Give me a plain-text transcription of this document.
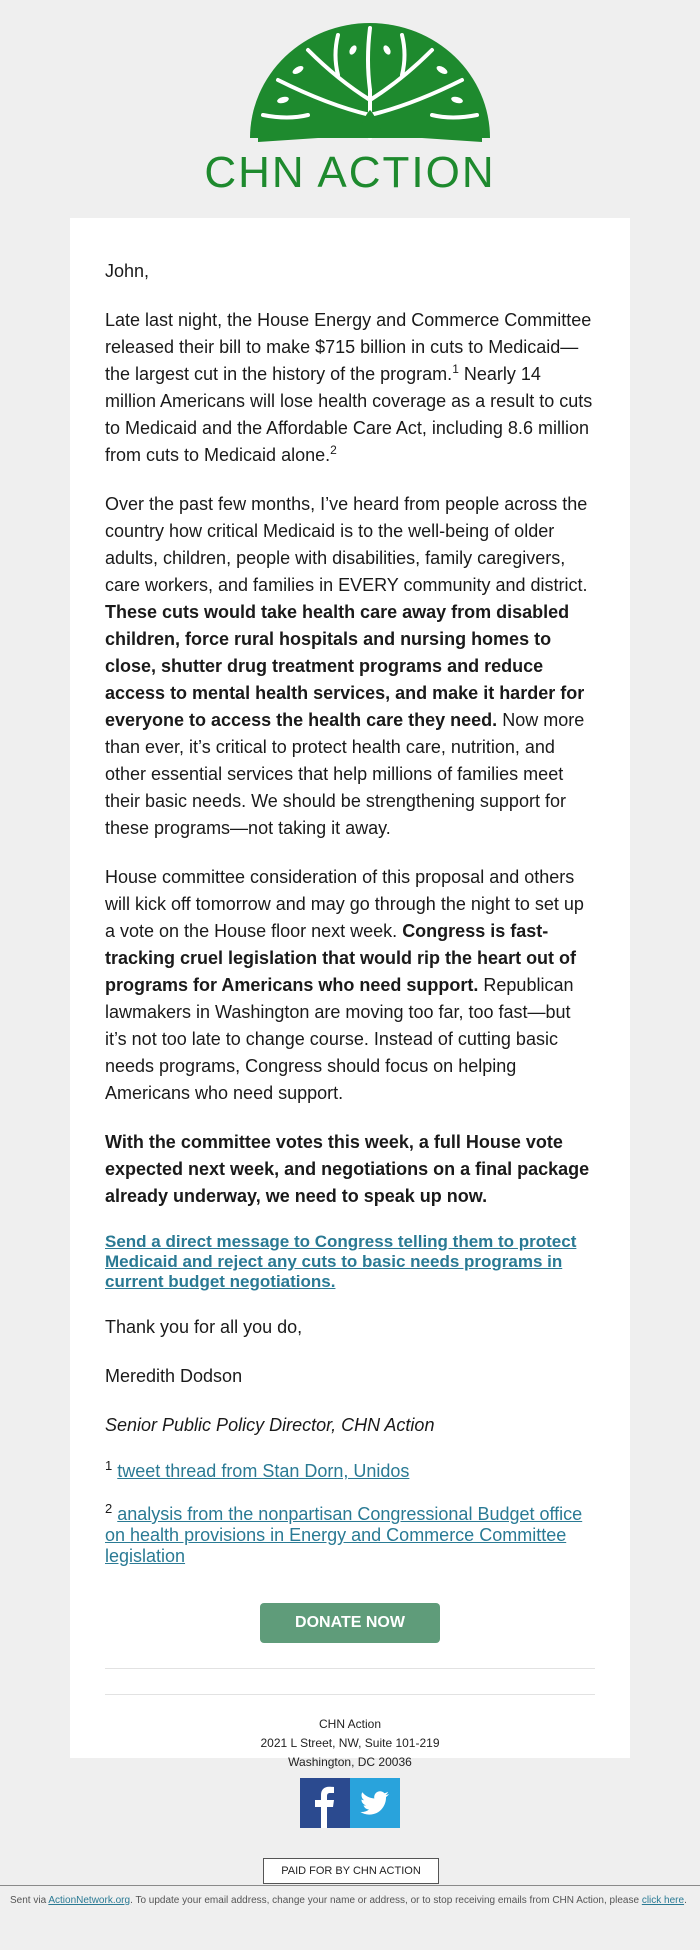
CHN ACTION

John,

Late last night, the House Energy and Commerce Committee released their bill to make $715 billion in cuts to Medicaid—the largest cut in the history of the program.$^1$ Nearly 14 million Americans will lose health coverage as a result to cuts to Medicaid and the Affordable Care Act, including 8.6 million from cuts to Medicaid alone.$^2$

Over the past few months, I’ve heard from people across the country how critical Medicaid is to the well-being of older adults, children, people with disabilities, family caregivers, care workers, and families in EVERY community and district. These cuts would take health care away from disabled children, force rural hospitals and nursing homes to close, shutter drug treatment programs and reduce access to mental health services, and make it harder for everyone to access the health care they need. Now more than ever, it’s critical to protect health care, nutrition, and other essential services that help millions of families meet their basic needs. We should be strengthening support for these programs—not taking it away.

House committee consideration of this proposal and others will kick off tomorrow and may go through the night to set up a vote on the House floor next week. Congress is fast-tracking cruel legislation that would rip the heart out of programs for Americans who need support. Republican lawmakers in Washington are moving too far, too fast—but it’s not too late to change course. Instead of cutting basic needs programs, Congress should focus on helping Americans who need support.

With the committee votes this week, a full House vote expected next week, and negotiations on a final package already underway, we need to speak up now.

Send a direct message to Congress telling them to protect Medicaid and reject any cuts to basic needs programs in current budget negotiations.

Thank you for all you do,

Meredith Dodson

Senior Public Policy Director, CHN Action

$^1$ tweet thread from Stan Dorn, Unidos

$^2$ analysis from the nonpartisan Congressional Budget office on health provisions in Energy and Commerce Committee legislation

DONATE NOW
CHN Action
2021 L Street, NW, Suite 101-219
Washington, DC 20036
PAID FOR BY CHN ACTION
Sent via ActionNetwork.org. To update your email address, change your name or address, or to stop receiving emails from CHN Action, please click here.
